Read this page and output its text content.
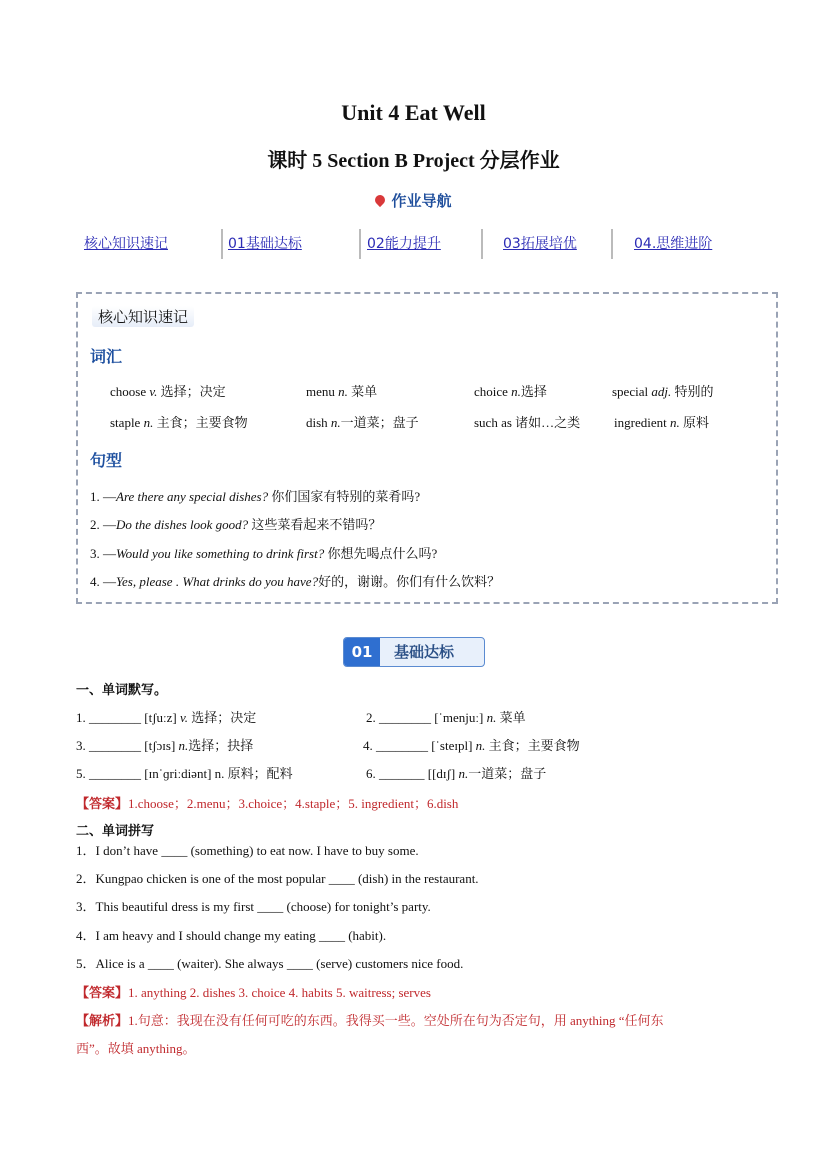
Unit 4 Eat Well
课时 5 Section B Project 分层作业
作业导航
核心知识速记	01基础达标	02能力提升	03拓展培优	04.思维进阶
核心知识速记
词汇
choose v. 选择；决定	menu n. 菜单	choice n.选择	special adj. 特别的
staple n. 主食；主要食物	dish n.一道菜；盘子	such as 诸如…之类	ingredient n. 原料
句型
1. —Are there any special dishes? 你们国家有特别的菜肴吗?
2. —Do the dishes look good? 这些菜看起来不错吗？
3. —Would you like something to drink first? 你想先喝点什么吗?
4. —Yes, please . What drinks do you have?好的，谢谢。你们有什么饮料？
01	基础达标
一、单词默写。
1. ________ [tʃuːz] v. 选择；决定	2. ________ [ˈmenjuː] n. 菜单
3. ________ [tʃɔɪs] n.选择；抉择	4. ________ [ˈsteɪpl] n. 主食；主要食物
5. ________ [ɪnˈɡriːdiənt] n. 原料；配料	6. _______ [[dɪʃ] n.一道菜；盘子
【答案】1.choose；2.menu；3.choice；4.staple；5. ingredient；6.dish
二、单词拼写
1．I don’t have ____ (something) to eat now. I have to buy some.
2．Kungpao chicken is one of the most popular ____ (dish) in the restaurant.
3．This beautiful dress is my first ____ (choose) for tonight’s party.
4．I am heavy and I should change my eating ____ (habit).
5．Alice is a ____ (waiter). She always ____ (serve) customers nice food.
【答案】1. anything 2. dishes 3. choice 4. habits 5. waitress; serves
【解析】1.句意：我现在没有任何可吃的东西。我得买一些。空处所在句为否定句，用 anything “任何东
西”。故填 anything。
